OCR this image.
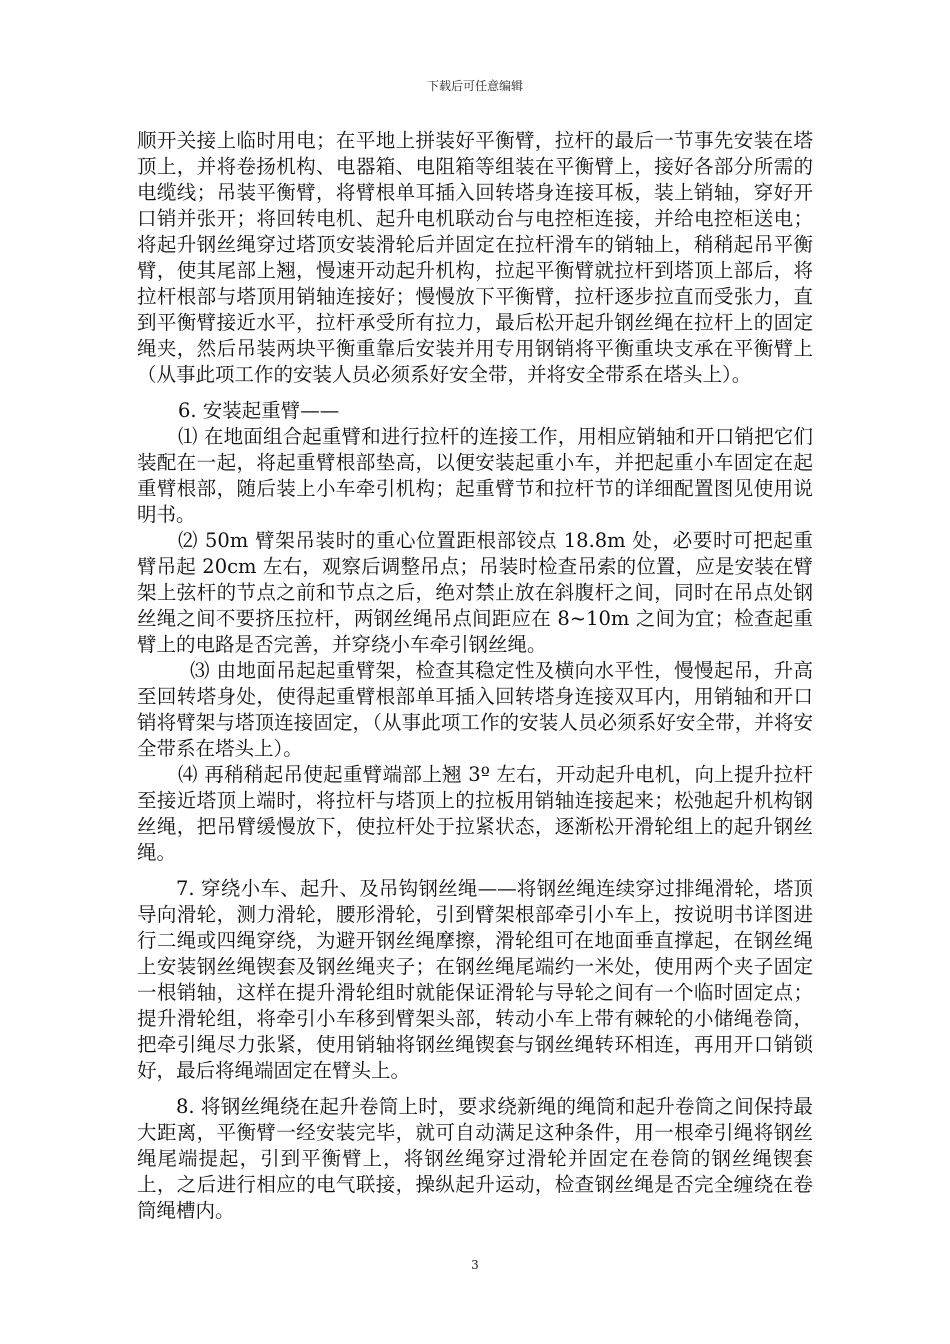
下载后可任意编辑

顺开关接上临时用电；在平地上拼装好平衡臂，拉杆的最后一节事先安装在塔顶上，并将卷扬机构、电器箱、电阻箱等组装在平衡臂上，接好各部分所需的电缆线；吊装平衡臂，将臂根单耳插入回转塔身连接耳板，装上销轴，穿好开口销并张开；将回转电机、起升电机联动台与电控柜连接，并给电控柜送电；将起升钢丝绳穿过塔顶安装滑轮后并固定在拉杆滑车的销轴上，稍稍起吊平衡臂，使其尾部上翘，慢速开动起升机构，拉起平衡臂就拉杆到塔顶上部后，将拉杆根部与塔顶用销轴连接好；慢慢放下平衡臂，拉杆逐步拉直而受张力，直到平衡臂接近水平，拉杆承受所有拉力，最后松开起升钢丝绳在拉杆上的固定绳夹，然后吊装两块平衡重靠后安装并用专用钢销将平衡重块支承在平衡臂上（从事此项工作的安装人员必须系好安全带，并将安全带系在塔头上）。

6. 安装起重臂——

⑴ 在地面组合起重臂和进行拉杆的连接工作，用相应销轴和开口销把它们装配在一起，将起重臂根部垫高，以便安装起重小车，并把起重小车固定在起重臂根部，随后装上小车牵引机构；起重臂节和拉杆节的详细配置图见使用说明书。

⑵ 50m 臂架吊装时的重心位置距根部铰点 18.8m 处，必要时可把起重臂吊起 20cm 左右，观察后调整吊点；吊装时检查吊索的位置，应是安装在臂架上弦杆的节点之前和节点之后，绝对禁止放在斜腹杆之间，同时在吊点处钢丝绳之间不要挤压拉杆，两钢丝绳吊点间距应在 8~10m 之间为宜；检查起重臂上的电路是否完善，并穿绕小车牵引钢丝绳。

⑶ 由地面吊起起重臂架，检查其稳定性及横向水平性，慢慢起吊，升高至回转塔身处，使得起重臂根部单耳插入回转塔身连接双耳内，用销轴和开口销将臂架与塔顶连接固定，（从事此项工作的安装人员必须系好安全带，并将安全带系在塔头上）。

⑷ 再稍稍起吊使起重臂端部上翘 3º 左右，开动起升电机，向上提升拉杆至接近塔顶上端时，将拉杆与塔顶上的拉板用销轴连接起来；松弛起升机构钢丝绳，把吊臂缓慢放下，使拉杆处于拉紧状态，逐渐松开滑轮组上的起升钢丝绳。

7. 穿绕小车、起升、及吊钩钢丝绳——将钢丝绳连续穿过排绳滑轮，塔顶导向滑轮，测力滑轮，腰形滑轮，引到臂架根部牵引小车上，按说明书详图进行二绳或四绳穿绕，为避开钢丝绳摩擦，滑轮组可在地面垂直撑起，在钢丝绳上安装钢丝绳锲套及钢丝绳夹子；在钢丝绳尾端约一米处，使用两个夹子固定一根销轴，这样在提升滑轮组时就能保证滑轮与导轮之间有一个临时固定点；提升滑轮组，将牵引小车移到臂架头部，转动小车上带有棘轮的小储绳卷筒，把牵引绳尽力张紧，使用销轴将钢丝绳锲套与钢丝绳转环相连，再用开口销锁好，最后将绳端固定在臂头上。

8. 将钢丝绳绕在起升卷筒上时，要求绕新绳的绳筒和起升卷筒之间保持最大距离，平衡臂一经安装完毕，就可自动满足这种条件，用一根牵引绳将钢丝绳尾端提起，引到平衡臂上，将钢丝绳穿过滑轮并固定在卷筒的钢丝绳锲套上，之后进行相应的电气联接，操纵起升运动，检查钢丝绳是否完全缠绕在卷筒绳槽内。

3
